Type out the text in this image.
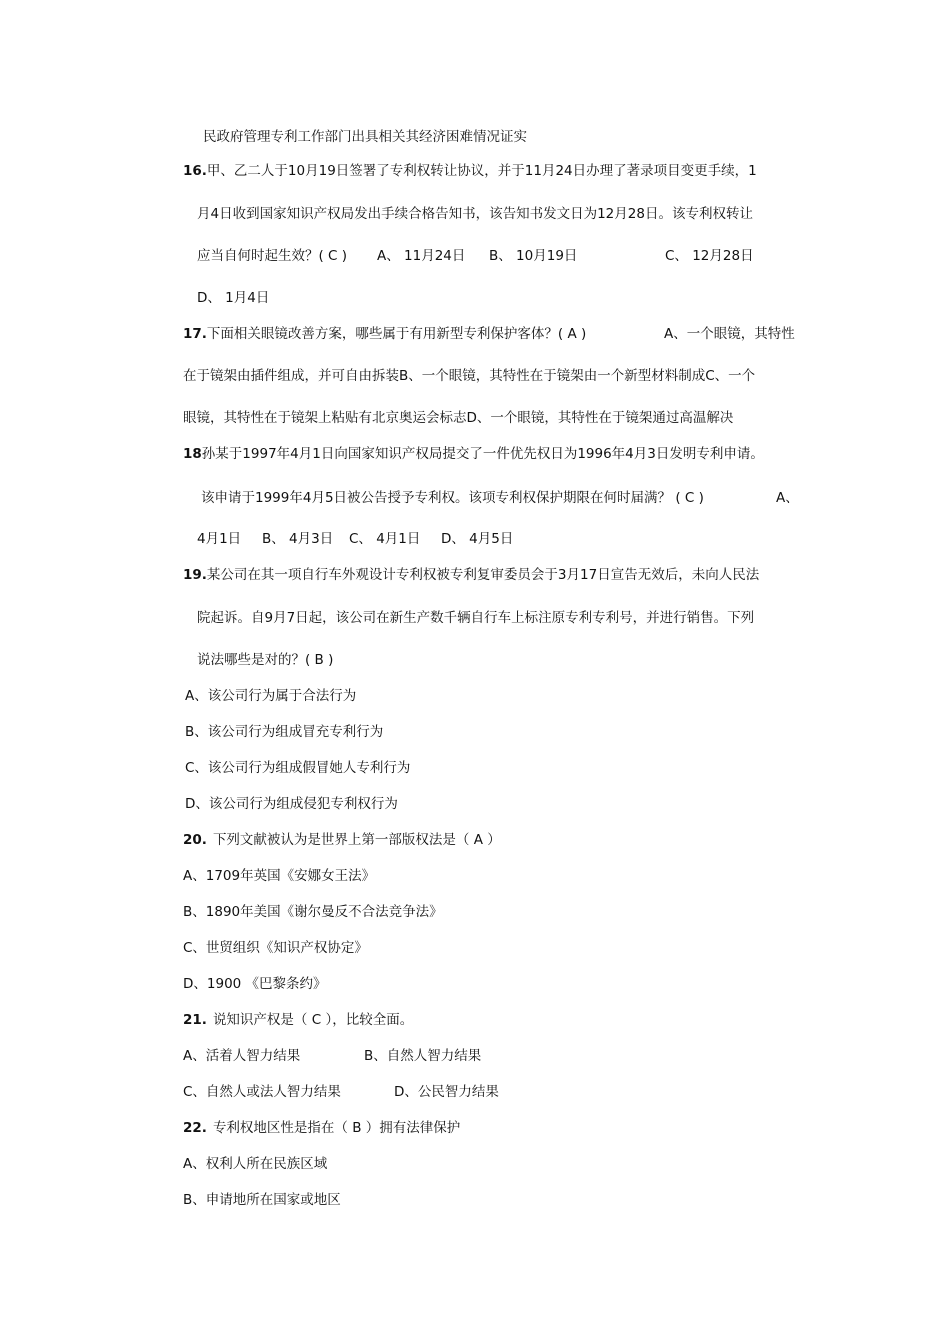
民政府管理专利工作部门出具相关其经济困难情况证实
16.甲、乙二人于10月19日签署了专利权转让协议，并于11月24日办理了著录项目变更手续，1
月4日收到国家知识产权局发出手续合格告知书，该告知书发文日为12月28日。该专利权转让
应当自何时起生效？( C ) A、 11月24日 B、 10月19日	C、 12月28日
D、 1月4日
17.下面相关眼镜改善方案，哪些属于有用新型专利保护客体？( A )	A、一个眼镜，其特性
在于镜架由插件组成，并可自由拆装B、一个眼镜，其特性在于镜架由一个新型材料制成C、一个
眼镜，其特性在于镜架上粘贴有北京奥运会标志D、一个眼镜，其特性在于镜架通过高温解决
18孙某于1997年4月1日向国家知识产权局提交了一件优先权日为1996年4月3日发明专利申请。
该申请于1999年4月5日被公告授予专利权。该项专利权保护期限在何时届满？ ( C )	A、
4月1日 B、 4月3日 C、 4月1日 D、 4月5日
19.某公司在其一项自行车外观设计专利权被专利复审委员会于3月17日宣告无效后，未向人民法
院起诉。自9月7日起，该公司在新生产数千辆自行车上标注原专利专利号，并进行销售。下列
说法哪些是对的？( B )
A、该公司行为属于合法行为
B、该公司行为组成冒充专利行为
C、该公司行为组成假冒她人专利行为
D、该公司行为组成侵犯专利权行为
20. 下列文献被认为是世界上第一部版权法是（ A ）
A、1709年英国《安娜女王法》
B、1890年美国《谢尔曼反不合法竞争法》
C、世贸组织《知识产权协定》
D、1900 《巴黎条约》
21. 说知识产权是（ C ），比较全面。
A、活着人智力结果	B、自然人智力结果
C、自然人或法人智力结果	D、公民智力结果
22. 专利权地区性是指在（ B ）拥有法律保护
A、权利人所在民族区域
B、申请地所在国家或地区
